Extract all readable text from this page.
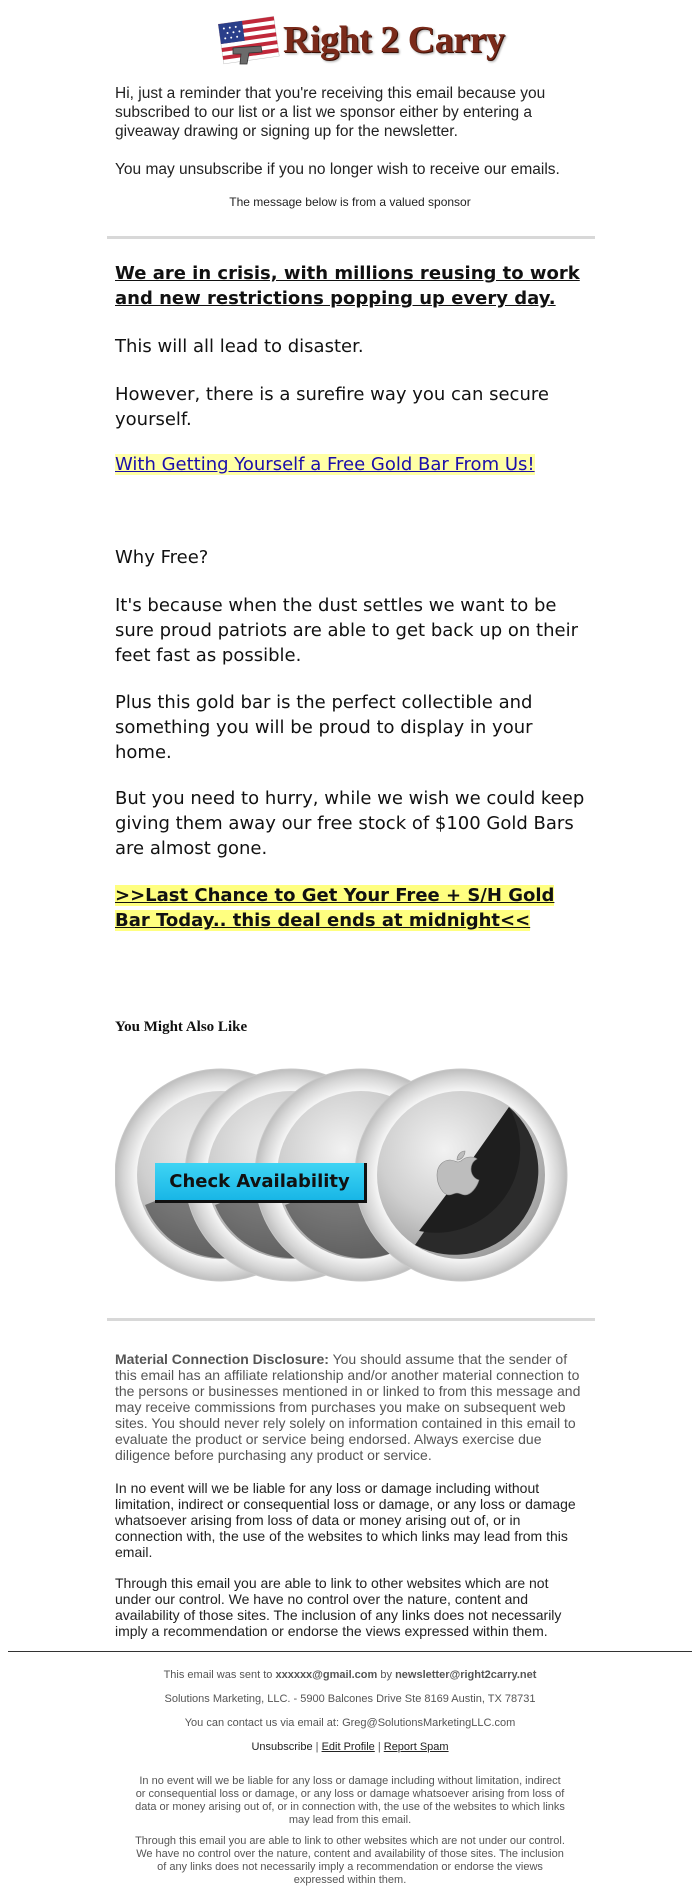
Right 2 Carry

Hi, just a reminder that you're receiving this email because you subscribed to our list or a list we sponsor either by entering a giveaway drawing or signing up for the newsletter.

You may unsubscribe if you no longer wish to receive our emails.
The message below is from a valued sponsor
We are in crisis, with millions reusing to work and new restrictions popping up every day.
This will all lead to disaster.
However, there is a surefire way you can secure yourself.
With Getting Yourself a Free Gold Bar From Us!
Why Free?
It's because when the dust settles we want to be sure proud patriots are able to get back up on their feet fast as possible.
Plus this gold bar is the perfect collectible and something you will be proud to display in your home.
But you need to hurry, while we wish we could keep giving them away our free stock of $100 Gold Bars are almost gone.
>>Last Chance to Get Your Free + S/H Gold Bar Today.. this deal ends at midnight<<
You Might Also Like
Check Availability
Material Connection Disclosure: You should assume that the sender of this email has an affiliate relationship and/or another material connection to the persons or businesses mentioned in or linked to from this message and may receive commissions from purchases you make on subsequent web sites. You should never rely solely on information contained in this email to evaluate the product or service being endorsed. Always exercise due diligence before purchasing any product or service.
In no event will we be liable for any loss or damage including without limitation, indirect or consequential loss or damage, or any loss or damage whatsoever arising from loss of data or money arising out of, or in connection with, the use of the websites to which links may lead from this email.
Through this email you are able to link to other websites which are not under our control. We have no control over the nature, content and availability of those sites. The inclusion of any links does not necessarily imply a recommendation or endorse the views expressed within them.
This email was sent to xxxxxx@gmail.com by newsletter@right2carry.net
Solutions Marketing, LLC. - 5900 Balcones Drive Ste 8169 Austin, TX 78731
You can contact us via email at: Greg@SolutionsMarketingLLC.com
Unsubscribe | Edit Profile | Report Spam
In no event will we be liable for any loss or damage including without limitation, indirect or consequential loss or damage, or any loss or damage whatsoever arising from loss of data or money arising out of, or in connection with, the use of the websites to which links may lead from this email.
Through this email you are able to link to other websites which are not under our control. We have no control over the nature, content and availability of those sites. The inclusion of any links does not necessarily imply a recommendation or endorse the views expressed within them.
